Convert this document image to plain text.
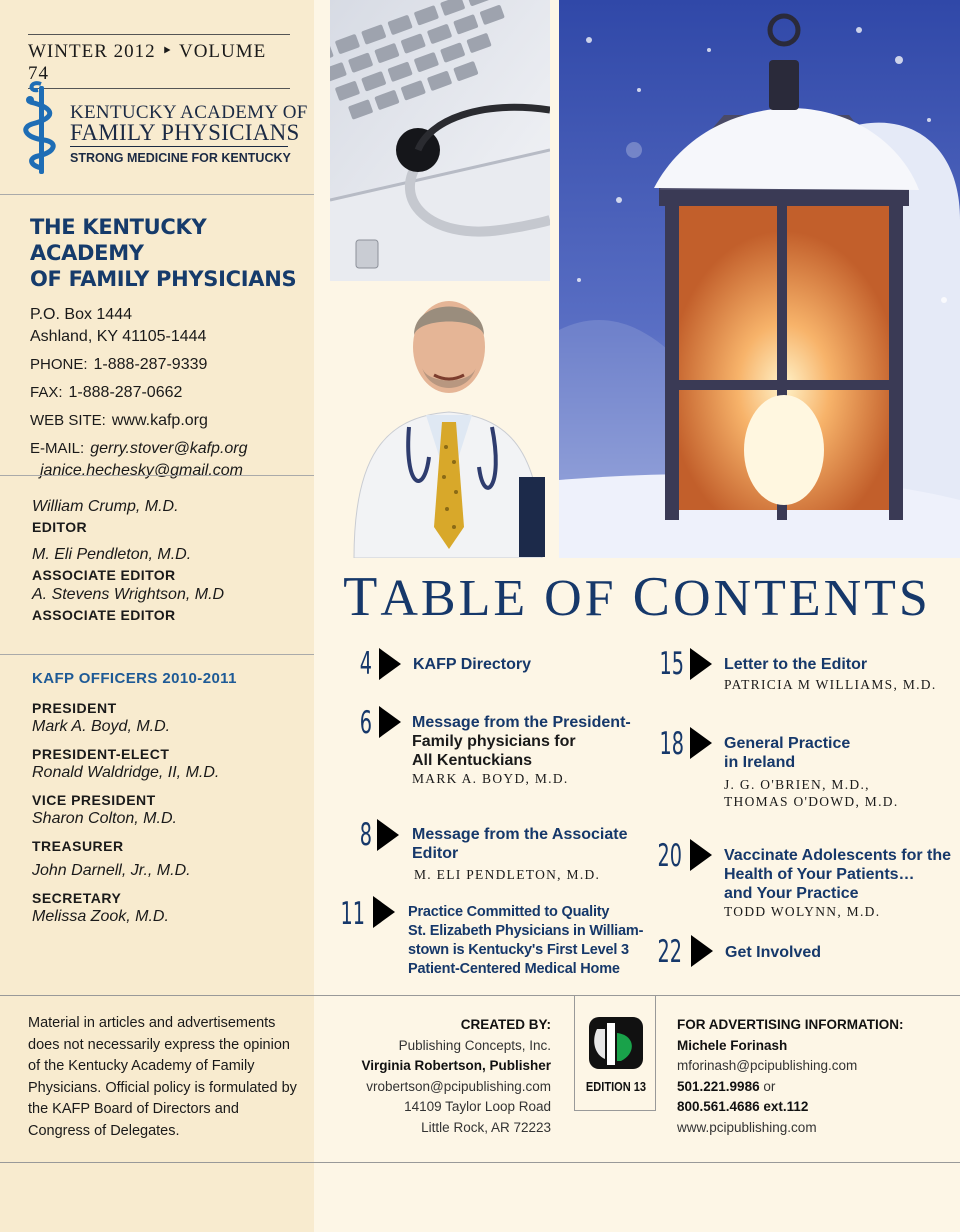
WINTER 2012 ‣ VOLUME 74
KENTUCKY ACADEMY OF
FAMILY PHYSICIANS
STRONG MEDICINE FOR KENTUCKY
THE KENTUCKY ACADEMY
OF FAMILY PHYSICIANS
P.O. Box 1444
Ashland, KY 41105-1444
PHONE: 1-888-287-9339
FAX: 1-888-287-0662
WEB SITE: www.kafp.org
E-MAIL: gerry.stover@kafp.org
janice.hechesky@gmail.com
William Crump, M.D.
EDITOR
M. Eli Pendleton, M.D.
ASSOCIATE EDITOR
A. Stevens Wrightson, M.D
ASSOCIATE EDITOR
KAFP OFFICERS 2010-2011
PRESIDENT
Mark A. Boyd, M.D.
PRESIDENT-ELECT
Ronald Waldridge, II, M.D.
VICE PRESIDENT
Sharon Colton, M.D.
TREASURER
John Darnell, Jr., M.D.
SECRETARY
Melissa Zook, M.D.
TABLE OF CONTENTS
4	KAFP Directory
6	Message from the President-
Family physicians for
All Kentuckians
MARK A. BOYD, M.D.
8	Message from the Associate
Editor
M. ELI PENDLETON, M.D.
11	Practice Committed to Quality
St. Elizabeth Physicians in William-
stown is Kentucky's First Level 3
Patient-Centered Medical Home
15	Letter to the Editor
PATRICIA M WILLIAMS, M.D.
18	General Practice
in Ireland
J. G. O'BRIEN, M.D.,
THOMAS O'DOWD, M.D.
20	Vaccinate Adolescents for the
Health of Your Patients…
and Your Practice
TODD WOLYNN, M.D.
22	Get Involved
Material in articles and advertisements does not necessarily express the opinion of the Kentucky Academy of Family Physicians. Official policy is formulated by the KAFP Board of Directors and Congress of Delegates.
CREATED BY:
Publishing Concepts, Inc.
Virginia Robertson, Publisher
vrobertson@pcipublishing.com
14109 Taylor Loop Road
Little Rock, AR 72223
EDITION 13
FOR ADVERTISING INFORMATION:
Michele Forinash
mforinash@pcipublishing.com
501.221.9986 or
800.561.4686 ext.112
www.pcipublishing.com
